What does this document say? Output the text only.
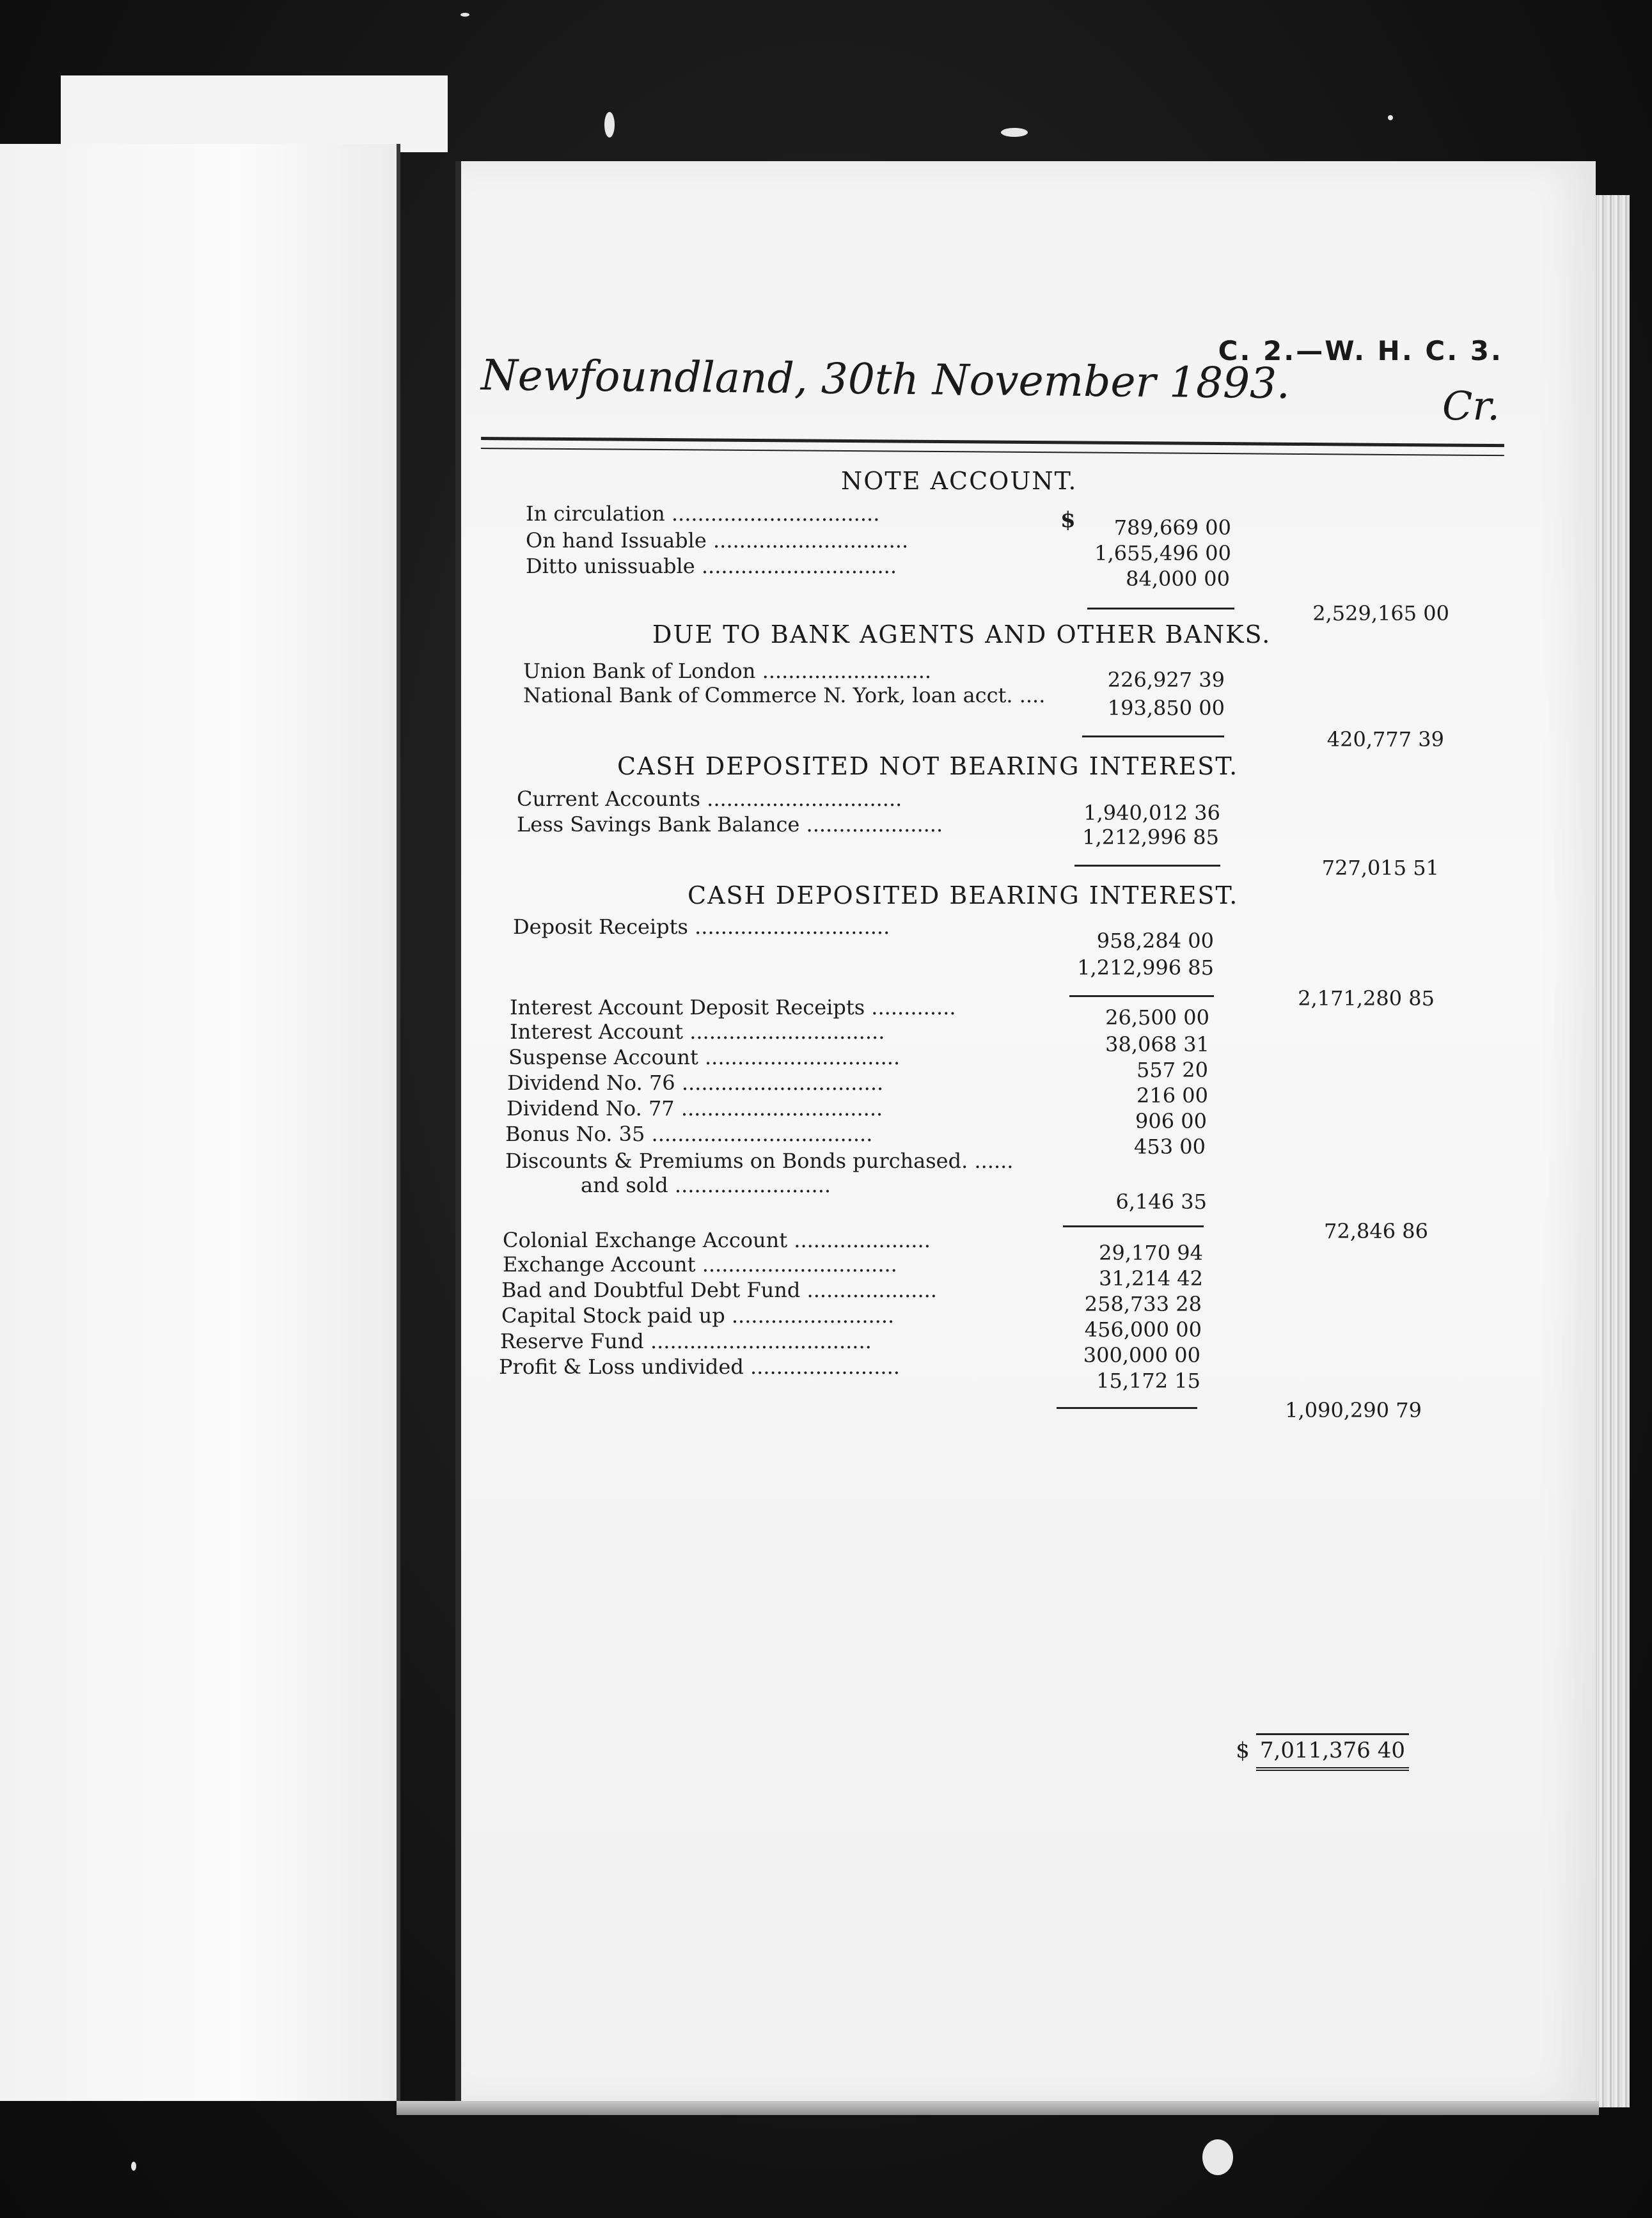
C. 2.—W. H. C. 3.
Cr.
Newfoundland, 30th November 1893.
NOTE ACCOUNT.
$
In circulation ................................
789,669 00
On hand Issuable ..............................
1,655,496 00
Ditto unissuable ..............................
84,000 00
2,529,165 00
DUE TO BANK AGENTS AND OTHER BANKS.
Union Bank of London ..........................	226,927 39
National Bank of Commerce N. York, loan acct. ....
193,850 00
420,777 39
CASH DEPOSITED NOT BEARING INTEREST.
Current Accounts ..............................
1,940,012 36
Less Savings Bank Balance .....................
1,212,996 85
727,015 51
CASH DEPOSITED BEARING INTEREST.
Deposit Receipts ..............................
958,284 00
1,212,996 85
2,171,280 85
Interest Account Deposit Receipts .............	26,500 00
Interest Account ..............................
38,068 31
Suspense Account ..............................
557 20
Dividend No. 76 ...............................
216 00
Dividend No. 77 ...............................
906 00
Bonus No. 35 ..................................
453 00
Discounts & Premiums on Bonds purchased. ......
and sold ........................
6,146 35
72,846 86
Colonial Exchange Account .....................
29,170 94
Exchange Account ..............................
31,214 42
Bad and Doubtful Debt Fund ....................
258,733 28
Capital Stock paid up .........................
456,000 00
Reserve Fund ..................................
300,000 00
Profit & Loss undivided .......................
15,172 15
1,090,290 79
$ 7,011,376 40
